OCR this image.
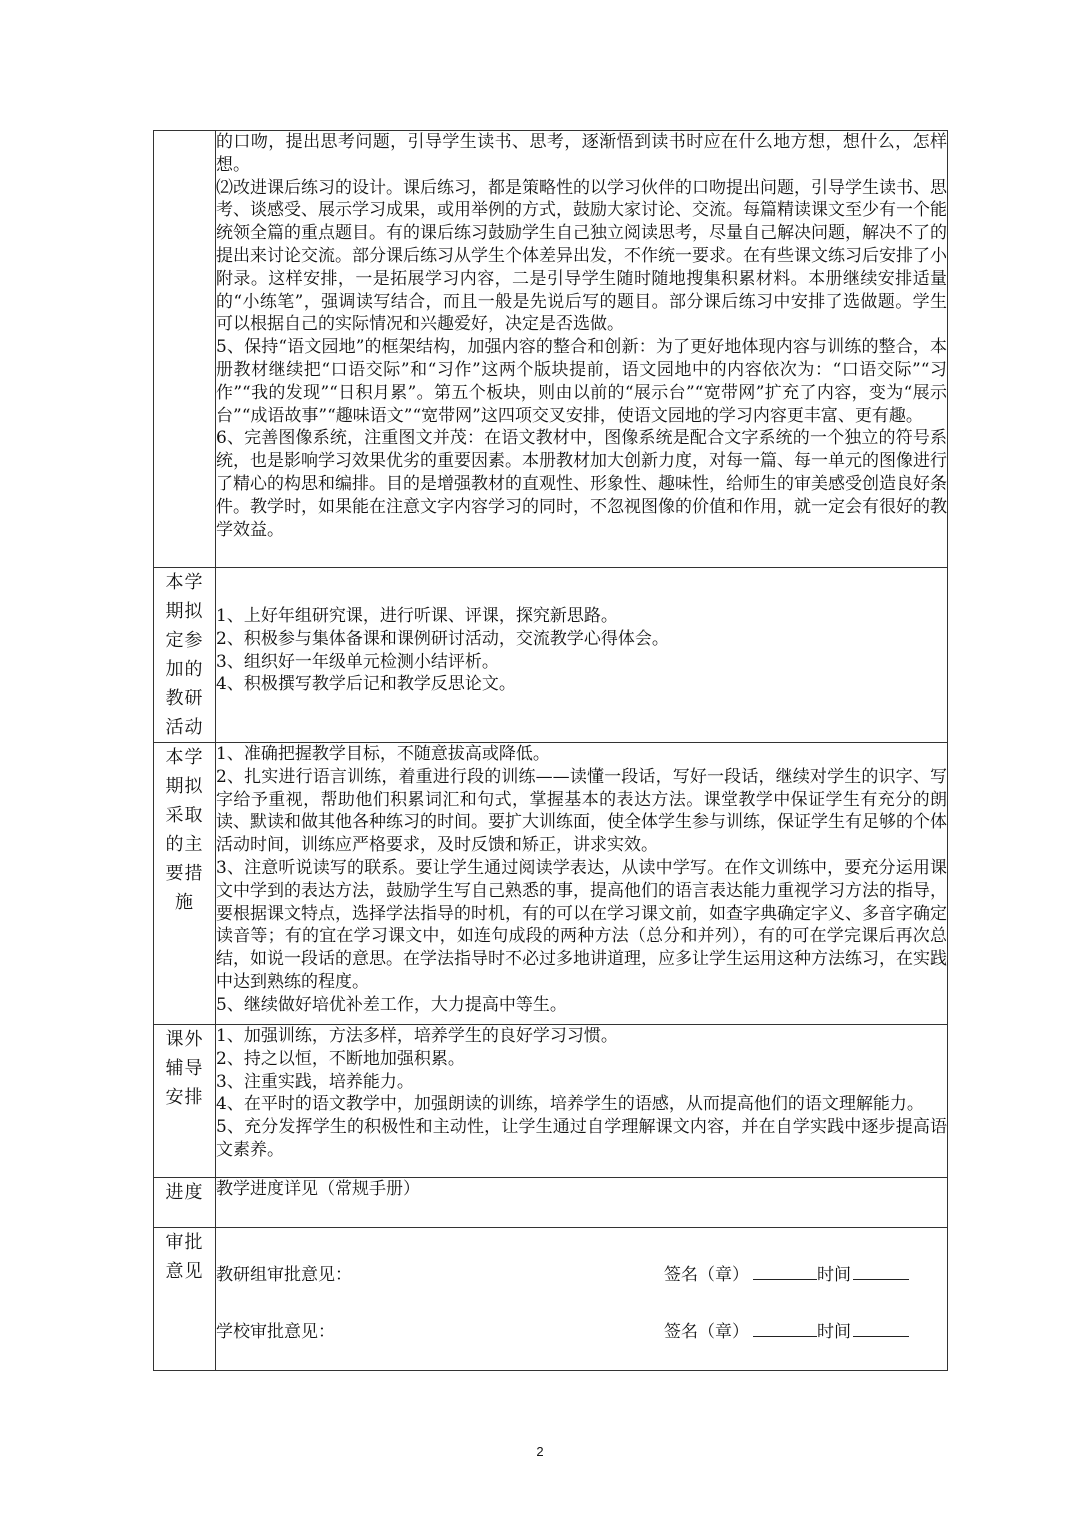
	的口吻，提出思考问题，引导学生读书、思考，逐渐悟到读书时应在什么地方想，想什么，怎样想。

⑵改进课后练习的设计。课后练习，都是策略性的以学习伙伴的口吻提出问题，引导学生读书、思考、谈感受、展示学习成果，或用举例的方式，鼓励大家讨论、交流。每篇精读课文至少有一个能统领全篇的重点题目。有的课后练习鼓励学生自己独立阅读思考，尽量自己解决问题，解决不了的提出来讨论交流。部分课后练习从学生个体差异出发，不作统一要求。在有些课文练习后安排了小附录。这样安排，一是拓展学习内容，二是引导学生随时随地搜集积累材料。本册继续安排适量的“小练笔”，强调读写结合，而且一般是先说后写的题目。部分课后练习中安排了选做题。学生可以根据自己的实际情况和兴趣爱好，决定是否选做。

5、保持“语文园地”的框架结构，加强内容的整合和创新：为了更好地体现内容与训练的整合，本册教材继续把“口语交际”和“习作”这两个版块提前，语文园地中的内容依次为：“口语交际”“习作”“我的发现”“日积月累”。第五个板块，则由以前的“展示台”“宽带网”扩充了内容，变为“展示台”“成语故事”“趣味语文”“宽带网”这四项交叉安排，使语文园地的学习内容更丰富、更有趣。

6、完善图像系统，注重图文并茂：在语文教材中，图像系统是配合文字系统的一个独立的符号系统，也是影响学习效果优劣的重要因素。本册教材加大创新力度，对每一篇、每一单元的图像进行了精心的构思和编排。目的是增强教材的直观性、形象性、趣味性，给师生的审美感受创造良好条件。教学时，如果能在注意文字内容学习的同时，不忽视图像的价值和作用，就一定会有很好的教学效益。

本学期拟定参加的教研活动	1、上好年组研究课，进行听课、评课，探究新思路。

2、积极参与集体备课和课例研讨活动，交流教学心得体会。

3、组织好一年级单元检测小结评析。

4、积极撰写教学后记和教学反思论文。

本学期拟采取的主要措施	1、准确把握教学目标，不随意拔高或降低。

2、扎实进行语言训练，着重进行段的训练——读懂一段话，写好一段话，继续对学生的识字、写字给予重视，帮助他们积累词汇和句式，掌握基本的表达方法。课堂教学中保证学生有充分的朗读、默读和做其他各种练习的时间。要扩大训练面，使全体学生参与训练，保证学生有足够的个体活动时间，训练应严格要求，及时反馈和矫正，讲求实效。

3、注意听说读写的联系。要让学生通过阅读学表达，从读中学写。在作文训练中，要充分运用课文中学到的表达方法，鼓励学生写自己熟悉的事，提高他们的语言表达能力重视学习方法的指导，要根据课文特点，选择学法指导的时机，有的可以在学习课文前，如查字典确定字义、多音字确定读音等；有的宜在学习课文中，如连句成段的两种方法（总分和并列），有的可在学完课后再次总结，如说一段话的意思。在学法指导时不必过多地讲道理，应多让学生运用这种方法练习，在实践中达到熟练的程度。

5、继续做好培优补差工作，大力提高中等生。

课外辅导安排	1、加强训练，方法多样，培养学生的良好学习习惯。

2、持之以恒，不断地加强积累。

3、注重实践，培养能力。

4、在平时的语文教学中，加强朗读的训练，培养学生的语感，从而提高他们的语文理解能力。

5、充分发挥学生的积极性和主动性，让学生通过自学理解课文内容，并在自学实践中逐步提高语文素养。

进度	教学进度详见（常规手册）

审批意见	教研组审批意见： 签名（章） 时间
学校审批意见： 签名（章） 时间
2
